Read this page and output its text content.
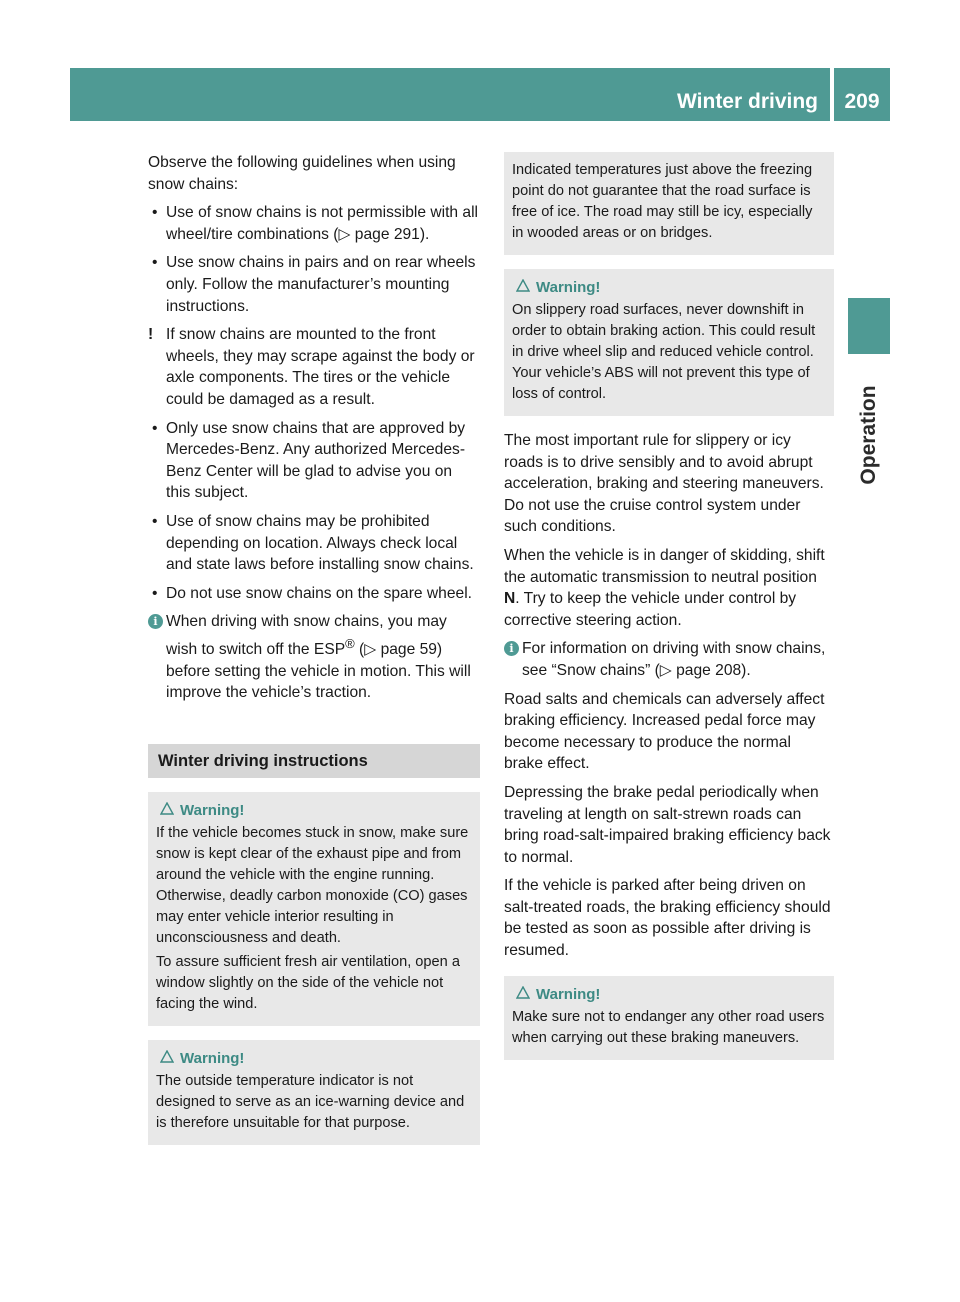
Winter driving	209
Operation

Observe the following guidelines when using snow chains:

• Use of snow chains is not permissible with all wheel/tire combinations (▷ page 291).
• Use snow chains in pairs and on rear wheels only. Follow the manufacturer’s mounting instructions.
! If snow chains are mounted to the front wheels, they may scrape against the body or axle components. The tires or the vehicle could be damaged as a result.
• Only use snow chains that are approved by Mercedes-Benz. Any authorized Mercedes-Benz Center will be glad to advise you on this subject.
• Use of snow chains may be prohibited depending on location. Always check local and state laws before installing snow chains.
• Do not use snow chains on the spare wheel.
i When driving with snow chains, you may wish to switch off the ESP® (▷ page 59) before setting the vehicle in motion. This will improve the vehicle’s traction.
Winter driving instructions
Warning!

If the vehicle becomes stuck in snow, make sure snow is kept clear of the exhaust pipe and from around the vehicle with the engine running. Otherwise, deadly carbon monoxide (CO) gases may enter vehicle interior resulting in unconsciousness and death.

To assure sufficient fresh air ventilation, open a window slightly on the side of the vehicle not facing the wind.

Warning!

The outside temperature indicator is not designed to serve as an ice-warning device and is therefore unsuitable for that purpose.

Indicated temperatures just above the freezing point do not guarantee that the road surface is free of ice. The road may still be icy, especially in wooded areas or on bridges.

Warning!

On slippery road surfaces, never downshift in order to obtain braking action. This could result in drive wheel slip and reduced vehicle control. Your vehicle’s ABS will not prevent this type of loss of control.

The most important rule for slippery or icy roads is to drive sensibly and to avoid abrupt acceleration, braking and steering maneuvers. Do not use the cruise control system under such conditions.

When the vehicle is in danger of skidding, shift the automatic transmission to neutral position N. Try to keep the vehicle under control by corrective steering action.

i For information on driving with snow chains, see “Snow chains” (▷ page 208).

Road salts and chemicals can adversely affect braking efficiency. Increased pedal force may become necessary to produce the normal brake effect.

Depressing the brake pedal periodically when traveling at length on salt-strewn roads can bring road-salt-impaired braking efficiency back to normal.

If the vehicle is parked after being driven on salt-treated roads, the braking efficiency should be tested as soon as possible after driving is resumed.

Warning!

Make sure not to endanger any other road users when carrying out these braking maneuvers.
